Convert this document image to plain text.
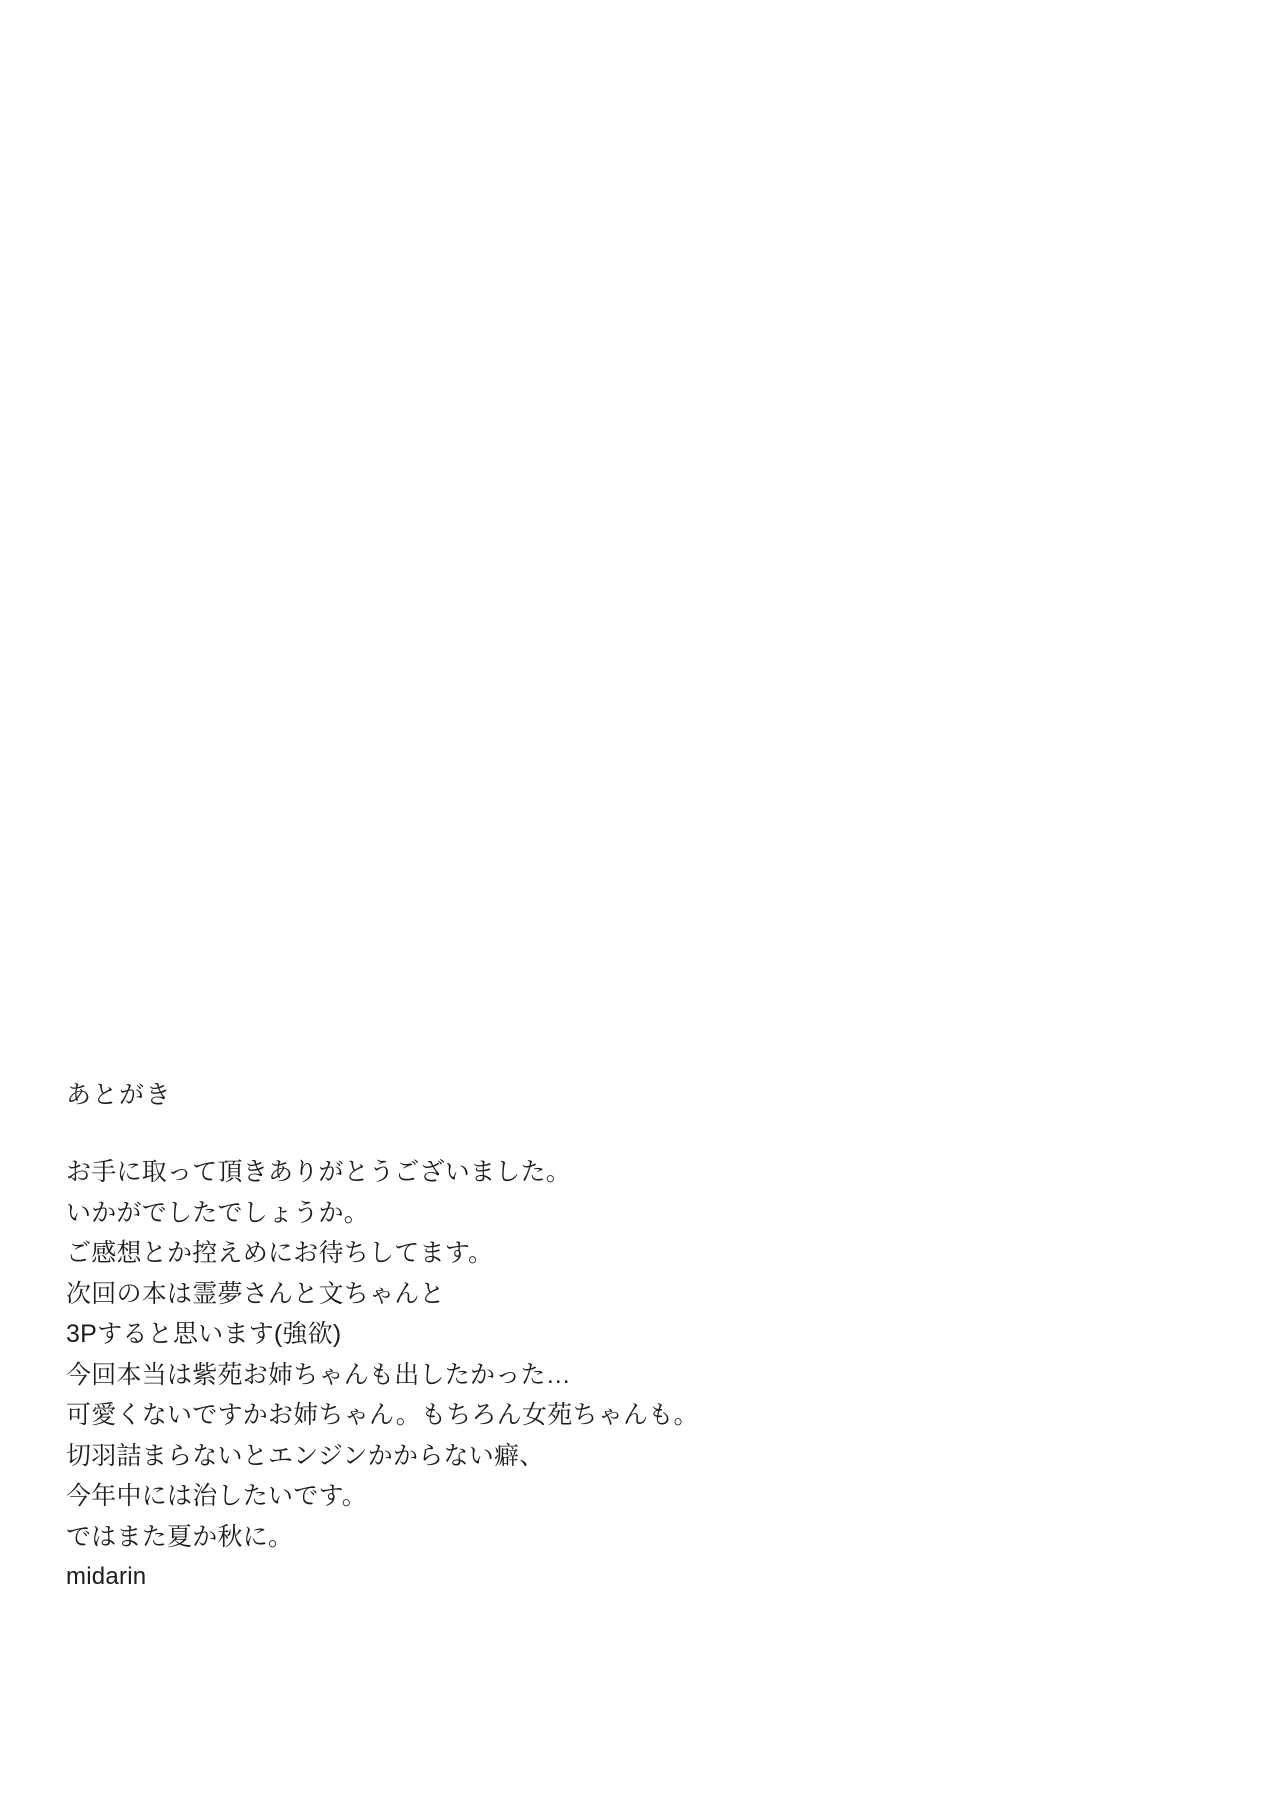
あとがき
お手に取って頂きありがとうございました。
いかがでしたでしょうか。
ご感想とか控えめにお待ちしてます。
次回の本は霊夢さんと文ちゃんと
3Pすると思います(強欲)
今回本当は紫苑お姉ちゃんも出したかった…
可愛くないですかお姉ちゃん。もちろん女苑ちゃんも。
切羽詰まらないとエンジンかからない癖、
今年中には治したいです。
ではまた夏か秋に。
midarin
